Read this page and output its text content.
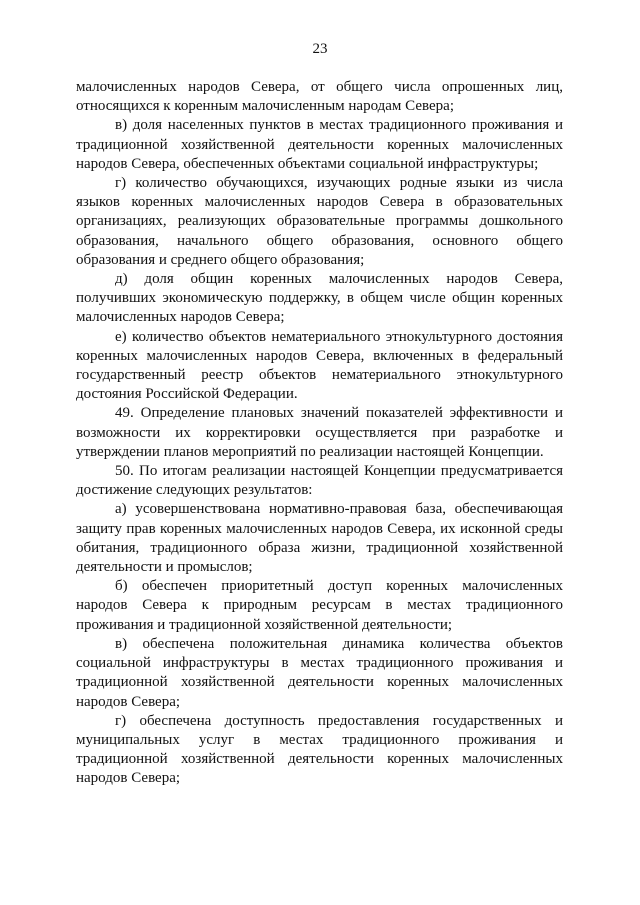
23

малочисленных народов Севера, от общего числа опрошенных лиц, относящихся к коренным малочисленным народам Севера;

в) доля населенных пунктов в местах традиционного проживания и традиционной хозяйственной деятельности коренных малочисленных народов Севера, обеспеченных объектами социальной инфраструктуры;

г) количество обучающихся, изучающих родные языки из числа языков коренных малочисленных народов Севера в образовательных организациях, реализующих образовательные программы дошкольного образования, начального общего образования, основного общего образования и среднего общего образования;

д) доля общин коренных малочисленных народов Севера, получивших экономическую поддержку, в общем числе общин коренных малочисленных народов Севера;

е) количество объектов нематериального этнокультурного достояния коренных малочисленных народов Севера, включенных в федеральный государственный реестр объектов нематериального этнокультурного достояния Российской Федерации.

49. Определение плановых значений показателей эффективности и возможности их корректировки осуществляется при разработке и утверждении планов мероприятий по реализации настоящей Концепции.

50. По итогам реализации настоящей Концепции предусматривается достижение следующих результатов:

а) усовершенствована нормативно-правовая база, обеспечивающая защиту прав коренных малочисленных народов Севера, их исконной среды обитания, традиционного образа жизни, традиционной хозяйственной деятельности и промыслов;

б) обеспечен приоритетный доступ коренных малочисленных народов Севера к природным ресурсам в местах традиционного проживания и традиционной хозяйственной деятельности;

в) обеспечена положительная динамика количества объектов социальной инфраструктуры в местах традиционного проживания и традиционной хозяйственной деятельности коренных малочисленных народов Севера;

г) обеспечена доступность предоставления государственных и муниципальных услуг в местах традиционного проживания и традиционной хозяйственной деятельности коренных малочисленных народов Севера;
